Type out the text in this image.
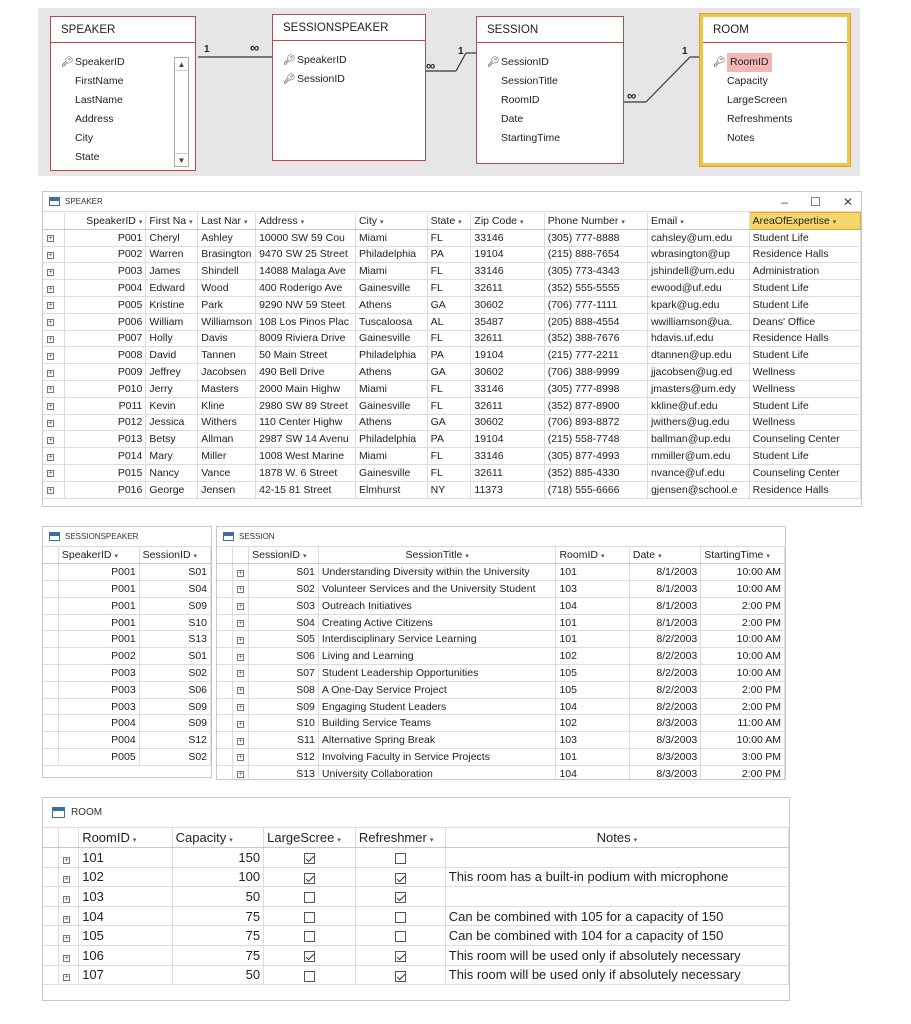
1	∞
∞
1
∞
1
SPEAKER
🔑︎ SpeakerID
FirstName
LastName
Address
City
State
▲
▼
SESSIONSPEAKER
🔑︎ SpeakerID
🔑︎ SessionID
SESSION
🔑︎ SessionID
SessionTitle
RoomID
Date
StartingTime
ROOM
🔑︎ RoomID
Capacity
LargeScreen
Refreshments
Notes
SPEAKER	– ☐ ✕
	SpeakerID ▾	First Na ▾	Last Nar ▾	Address ▾	City ▾	State ▾	Zip Code ▾	Phone Number ▾	Email ▾	AreaOfExpertise ▾
+	P001	Cheryl	Ashley	10000 SW 59 Cou	Miami	FL	33146	(305) 777-8888	cahsley@um.edu	Student Life
+	P002	Warren	Brasington	9470 SW 25 Street	Philadelphia	PA	19104	(215) 888-7654	wbrasington@up	Residence Halls
+	P003	James	Shindell	14088 Malaga Ave	Miami	FL	33146	(305) 773-4343	jshindell@um.edu	Administration
+	P004	Edward	Wood	400 Roderigo Ave	Gainesville	FL	32611	(352) 555-5555	ewood@uf.edu	Student Life
+	P005	Kristine	Park	9290 NW 59 Steet	Athens	GA	30602	(706) 777-1111	kpark@ug.edu	Student Life
+	P006	William	Williamson	108 Los Pinos Plac	Tuscaloosa	AL	35487	(205) 888-4554	wwilliamson@ua.	Deans' Office
+	P007	Holly	Davis	8009 Riviera Drive	Gainesville	FL	32611	(352) 388-7676	hdavis.uf.edu	Residence Halls
+	P008	David	Tannen	50 Main Street	Philadelphia	PA	19104	(215) 777-2211	dtannen@up.edu	Student Life
+	P009	Jeffrey	Jacobsen	490 Bell Drive	Athens	GA	30602	(706) 388-9999	jjacobsen@ug.ed	Wellness
+	P010	Jerry	Masters	2000 Main Highw	Miami	FL	33146	(305) 777-8998	jmasters@um.edy	Wellness
+	P011	Kevin	Kline	2980 SW 89 Street	Gainesville	FL	32611	(352) 877-8900	kkline@uf.edu	Student Life
+	P012	Jessica	Withers	110 Center Highw	Athens	GA	30602	(706) 893-8872	jwithers@ug.edu	Wellness
+	P013	Betsy	Allman	2987 SW 14 Avenu	Philadelphia	PA	19104	(215) 558-7748	ballman@up.edu	Counseling Center
+	P014	Mary	Miller	1008 West Marine	Miami	FL	33146	(305) 877-4993	mmiller@um.edu	Student Life
+	P015	Nancy	Vance	1878 W. 6 Street	Gainesville	FL	32611	(352) 885-4330	nvance@uf.edu	Counseling Center
+	P016	George	Jensen	42-15 81 Street	Elmhurst	NY	11373	(718) 555-6666	gjensen@school.e	Residence Halls
SESSIONSPEAKER
	SpeakerID ▾	SessionID ▾
	P001	S01
	P001	S04
	P001	S09
	P001	S10
	P001	S13
	P002	S01
	P003	S02
	P003	S06
	P003	S09
	P004	S09
	P004	S12
	P005	S02
SESSION
		SessionID ▾	SessionTitle ▾	RoomID ▾	Date ▾	StartingTime ▾
	+	S01	Understanding Diversity within the University	101	8/1/2003	10:00 AM
	+	S02	Volunteer Services and the University Student	103	8/1/2003	10:00 AM
	+	S03	Outreach Initiatives	104	8/1/2003	2:00 PM
	+	S04	Creating Active Citizens	101	8/1/2003	2:00 PM
	+	S05	Interdisciplinary Service Learning	101	8/2/2003	10:00 AM
	+	S06	Living and Learning	102	8/2/2003	10:00 AM
	+	S07	Student Leadership Opportunities	105	8/2/2003	10:00 AM
	+	S08	A One-Day Service Project	105	8/2/2003	2:00 PM
	+	S09	Engaging Student Leaders	104	8/2/2003	2:00 PM
	+	S10	Building Service Teams	102	8/3/2003	11:00 AM
	+	S11	Alternative Spring Break	103	8/3/2003	10:00 AM
	+	S12	Involving Faculty in Service Projects	101	8/3/2003	3:00 PM
	+	S13	University Collaboration	104	8/3/2003	2:00 PM
ROOM
		RoomID ▾	Capacity ▾	LargeScree ▾	Refreshmer ▾	Notes ▾
	+	101	150			
	+	102	100			This room has a built-in podium with microphone
	+	103	50			
	+	104	75			Can be combined with 105 for a capacity of 150
	+	105	75			Can be combined with 104 for a capacity of 150
	+	106	75			This room will be used only if absolutely necessary
	+	107	50			This room will be used only if absolutely necessary
